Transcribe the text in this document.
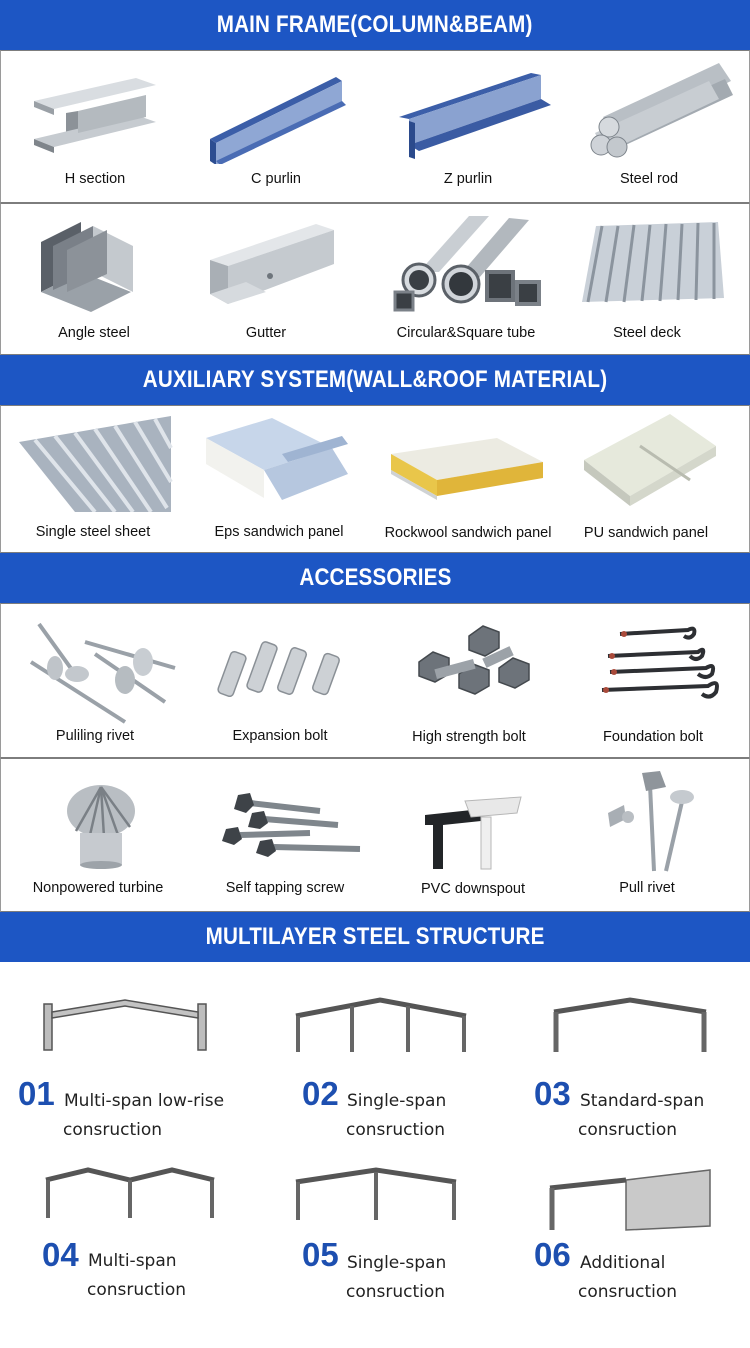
MAIN FRAME(COLUMN&BEAM)
H section	C purlin	Z purlin	Steel rod
Angle steel	Gutter	Circular&Square tube	Steel deck
AUXILIARY SYSTEM(WALL&ROOF MATERIAL)
Single steel sheet	Eps sandwich panel	Rockwool sandwich panel	PU sandwich panel
ACCESSORIES
Puliling rivet	Expansion bolt	High strength bolt	Foundation bolt
Nonpowered turbine	Self tapping screw	PVC downspout	Pull rivet
MULTILAYER STEEL STRUCTURE
01 Multi-span low-rise
consruction
02 Single-span
consruction
03 Standard-span
consruction
04 Multi-span
consruction
05 Single-span
consruction
06 Additional
consruction
